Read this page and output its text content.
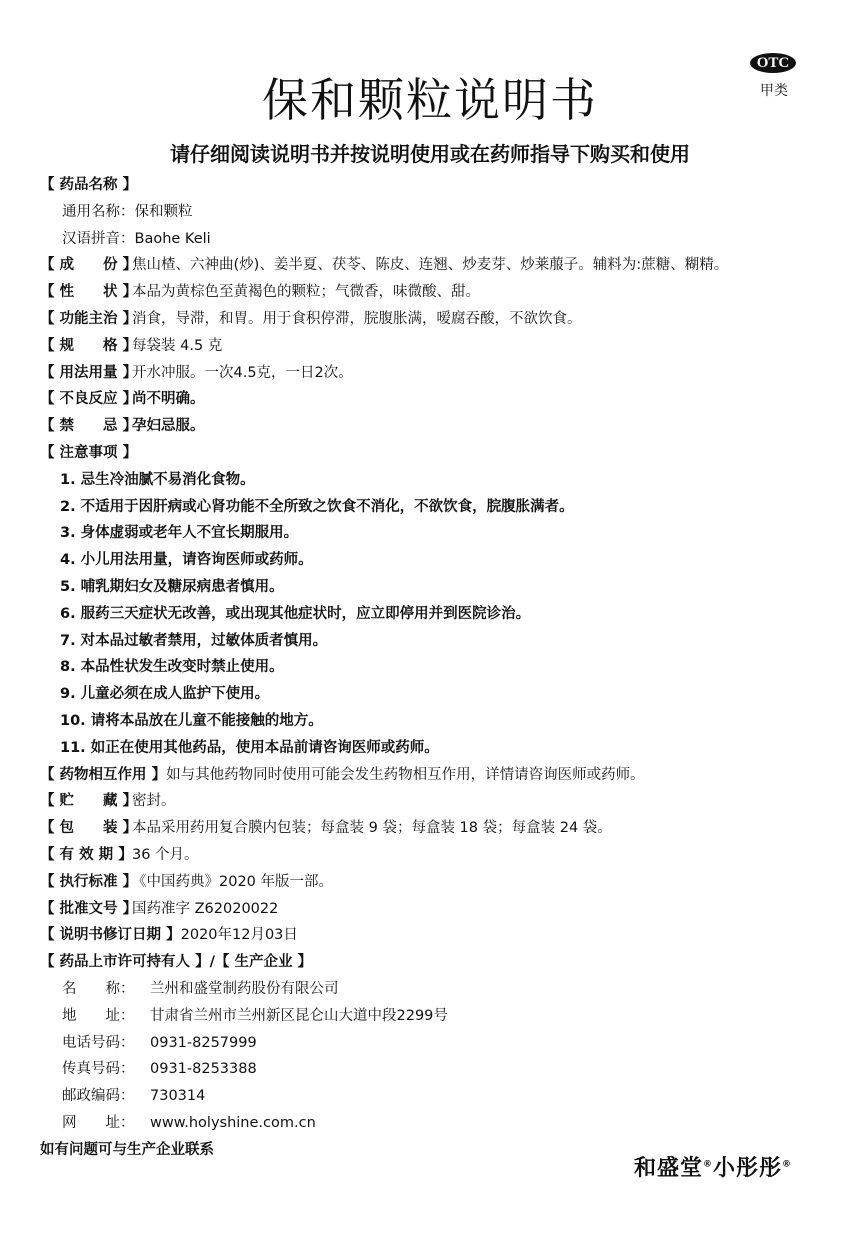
OTC
甲类
保和颗粒说明书
请仔细阅读说明书并按说明使用或在药师指导下购买和使用
【 药品名称 】
通用名称：保和颗粒
汉语拼音：Baohe Keli
【 成　　份 】焦山楂、六神曲(炒)、姜半夏、茯苓、陈皮、连翘、炒麦芽、炒莱菔子。辅料为:蔗糖、糊精。
【 性　　状 】本品为黄棕色至黄褐色的颗粒；气微香，味微酸、甜。
【 功能主治 】消食，导滞，和胃。用于食积停滞，脘腹胀满，嗳腐吞酸，不欲饮食。
【 规　　格 】每袋装 4.5 克
【 用法用量 】开水冲服。一次4.5克，一日2次。
【 不良反应 】尚不明确。
【 禁　　忌 】孕妇忌服。
【 注意事项 】
1. 忌生冷油腻不易消化食物。
2. 不适用于因肝病或心肾功能不全所致之饮食不消化，不欲饮食，脘腹胀满者。
3. 身体虚弱或老年人不宜长期服用。
4. 小儿用法用量，请咨询医师或药师。
5. 哺乳期妇女及糖尿病患者慎用。
6. 服药三天症状无改善，或出现其他症状时，应立即停用并到医院诊治。
7. 对本品过敏者禁用，过敏体质者慎用。
8. 本品性状发生改变时禁止使用。
9. 儿童必须在成人监护下使用。
10. 请将本品放在儿童不能接触的地方。
11. 如正在使用其他药品，使用本品前请咨询医师或药师。
【 药物相互作用 】如与其他药物同时使用可能会发生药物相互作用，详情请咨询医师或药师。
【 贮　　藏 】密封。
【 包　　装 】本品采用药用复合膜内包装；每盒装 9 袋；每盒装 18 袋；每盒装 24 袋。
【 有 效 期 】36 个月。
【 执行标准 】《中国药典》2020 年版一部。
【 批准文号 】国药准字 Z62020022
【 说明书修订日期 】2020年12月03日
【 药品上市许可持有人 】/【 生产企业 】
名　　称： 兰州和盛堂制药股份有限公司
地　　址： 甘肃省兰州市兰州新区昆仑山大道中段2299号
电话号码： 0931-8257999
传真号码： 0931-8253388
邮政编码： 730314
网　　址： www.holyshine.com.cn
如有问题可与生产企业联系
和盛堂®小彤彤®
